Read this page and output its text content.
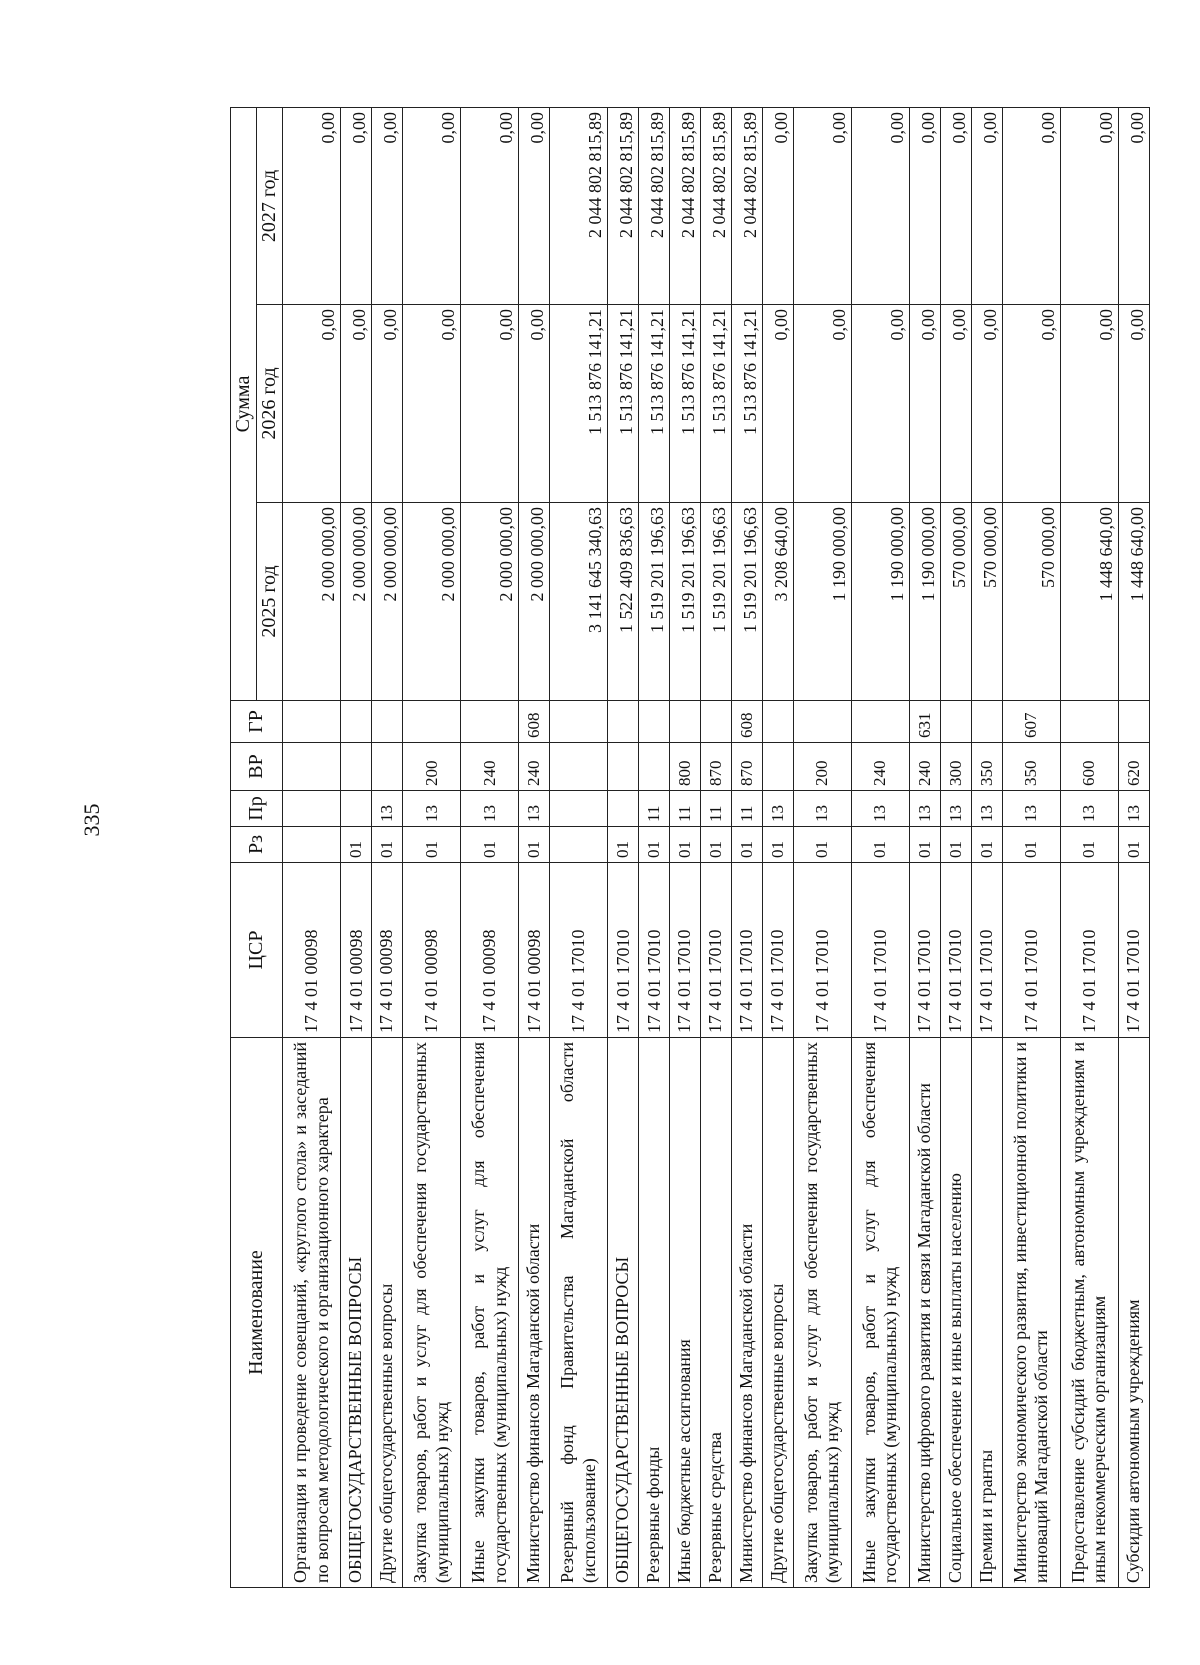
335
Наименование	ЦСР	Рз	Пр	ВР	ГР	Сумма		
						2025 год	2026 год	2027 год
Организация и проведение совещаний, «круглого стола» и заседаний по вопросам методологического и организационного характера	17 4 01 00098					2 000 000,00	0,00	0,00
ОБЩЕГОСУДАРСТВЕННЫЕ ВОПРОСЫ	17 4 01 00098	01				2 000 000,00	0,00	0,00
Другие общегосударственные вопросы	17 4 01 00098	01	13			2 000 000,00	0,00	0,00
Закупка товаров, работ и услуг для обеспечения государственных (муниципальных) нужд	17 4 01 00098	01	13	200		2 000 000,00	0,00	0,00
Иные закупки товаров, работ и услуг для обеспечения государственных (муниципальных) нужд	17 4 01 00098	01	13	240		2 000 000,00	0,00	0,00
Министерство финансов Магаданской области	17 4 01 00098	01	13	240	608	2 000 000,00	0,00	0,00
Резервный фонд Правительства Магаданской области (использование)	17 4 01 17010					3 141 645 340,63	1 513 876 141,21	2 044 802 815,89
ОБЩЕГОСУДАРСТВЕННЫЕ ВОПРОСЫ	17 4 01 17010	01				1 522 409 836,63	1 513 876 141,21	2 044 802 815,89
Резервные фонды	17 4 01 17010	01	11			1 519 201 196,63	1 513 876 141,21	2 044 802 815,89
Иные бюджетные ассигнования	17 4 01 17010	01	11	800		1 519 201 196,63	1 513 876 141,21	2 044 802 815,89
Резервные средства	17 4 01 17010	01	11	870		1 519 201 196,63	1 513 876 141,21	2 044 802 815,89
Министерство финансов Магаданской области	17 4 01 17010	01	11	870	608	1 519 201 196,63	1 513 876 141,21	2 044 802 815,89
Другие общегосударственные вопросы	17 4 01 17010	01	13			3 208 640,00	0,00	0,00
Закупка товаров, работ и услуг для обеспечения государственных (муниципальных) нужд	17 4 01 17010	01	13	200		1 190 000,00	0,00	0,00
Иные закупки товаров, работ и услуг для обеспечения государственных (муниципальных) нужд	17 4 01 17010	01	13	240		1 190 000,00	0,00	0,00
Министерство цифрового развития и связи Магаданской области	17 4 01 17010	01	13	240	631	1 190 000,00	0,00	0,00
Социальное обеспечение и иные выплаты населению	17 4 01 17010	01	13	300		570 000,00	0,00	0,00
Премии и гранты	17 4 01 17010	01	13	350		570 000,00	0,00	0,00
Министерство экономического развития, инвестиционной политики и инноваций Магаданской области	17 4 01 17010	01	13	350	607	570 000,00	0,00	0,00
Предоставление субсидий бюджетным, автономным учреждениям и иным некоммерческим организациям	17 4 01 17010	01	13	600		1 448 640,00	0,00	0,00
Субсидии автономным учреждениям	17 4 01 17010	01	13	620		1 448 640,00	0,00	0,00
